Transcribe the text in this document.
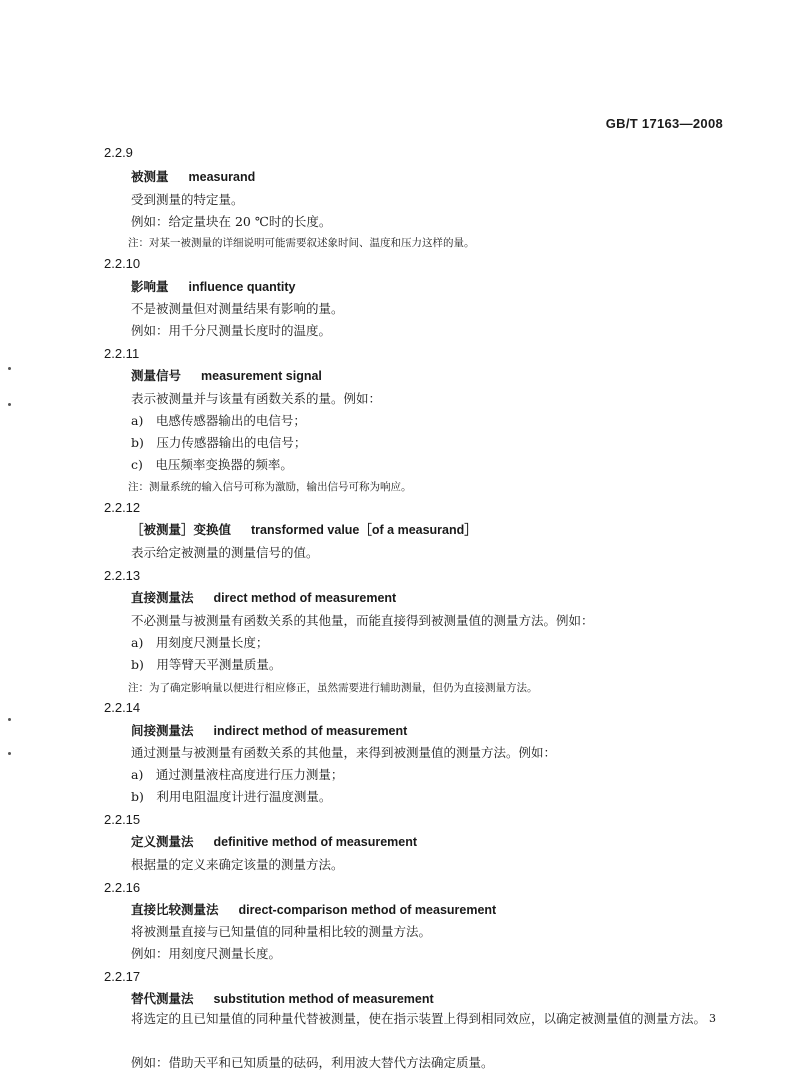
GB/T 17163—2008
2.2.9
被测量 measurand
受到测量的特定量。
例如：给定量块在 20 ℃时的长度。
注：对某一被测量的详细说明可能需要叙述象时间、温度和压力这样的量。
2.2.10
影响量 influence quantity
不是被测量但对测量结果有影响的量。
例如：用千分尺测量长度时的温度。
2.2.11
测量信号 measurement signal
表示被测量并与该量有函数关系的量。例如：
a)　电感传感器输出的电信号；
b)　压力传感器输出的电信号；
c)　电压频率变换器的频率。
注：测量系统的输入信号可称为激励，输出信号可称为响应。
2.2.12
［被测量］变换值 transformed value［of a measurand］
表示给定被测量的测量信号的值。
2.2.13
直接测量法 direct method of measurement
不必测量与被测量有函数关系的其他量，而能直接得到被测量值的测量方法。例如：
a)　用刻度尺测量长度；
b)　用等臂天平测量质量。
注：为了确定影响量以便进行相应修正，虽然需要进行辅助测量，但仍为直接测量方法。
2.2.14
间接测量法 indirect method of measurement
通过测量与被测量有函数关系的其他量，来得到被测量值的测量方法。例如：
a)　通过测量液柱高度进行压力测量；
b)　利用电阻温度计进行温度测量。
2.2.15
定义测量法 definitive method of measurement
根据量的定义来确定该量的测量方法。
2.2.16
直接比较测量法 direct-comparison method of measurement
将被测量直接与已知量值的同种量相比较的测量方法。
例如：用刻度尺测量长度。
2.2.17
替代测量法 substitution method of measurement
将选定的且已知量值的同种量代替被测量，使在指示装置上得到相同效应，以确定被测量值的测量方法。
例如：借助天平和已知质量的砝码，利用波大替代方法确定质量。
3
